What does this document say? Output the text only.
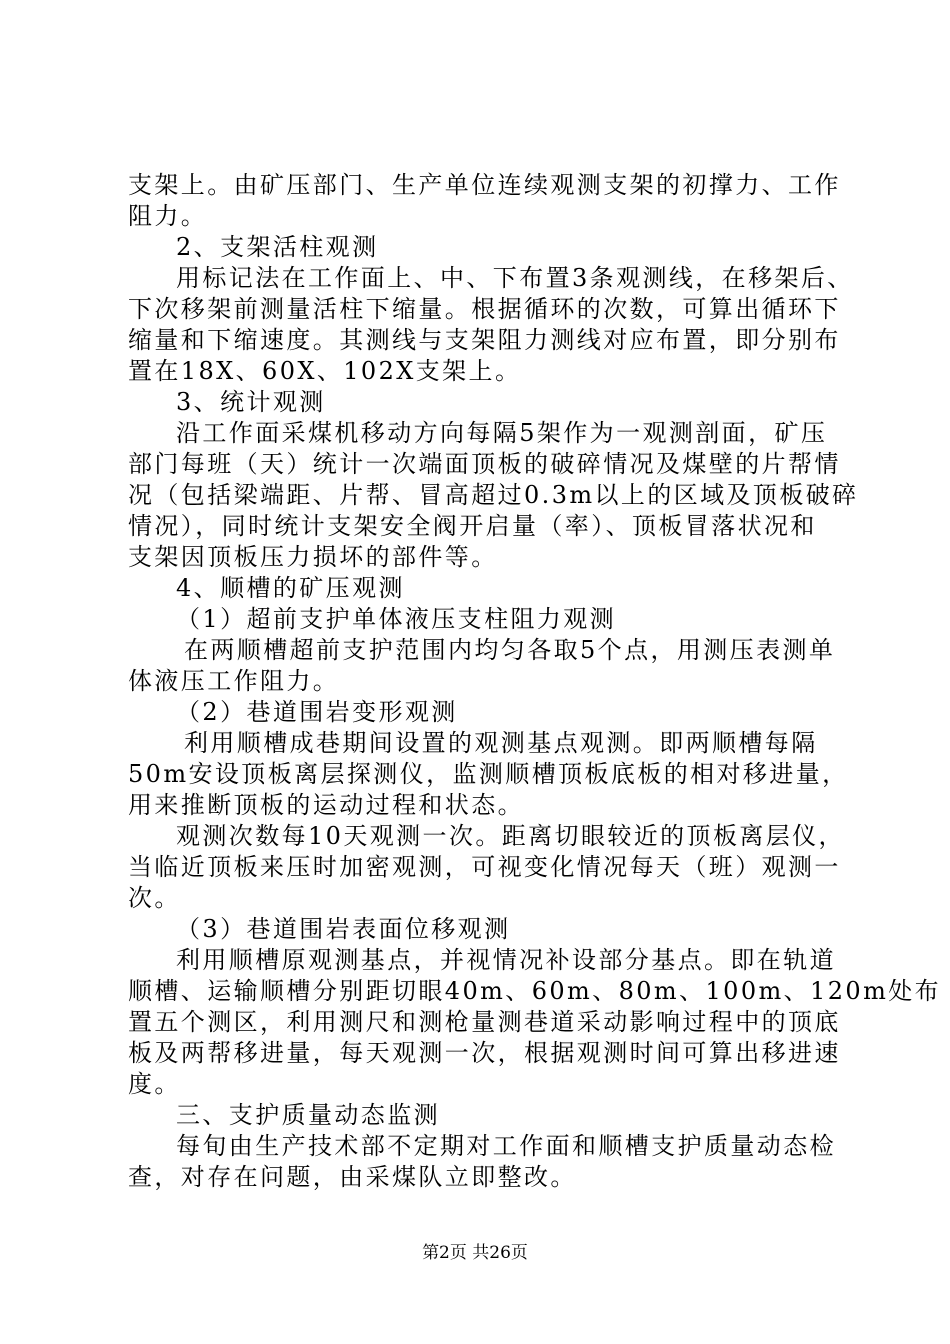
支架上。由矿压部门、生产单位连续观测支架的初撑力、工作
阻力。
2、支架活柱观测
用标记法在工作面上、中、下布置3条观测线，在移架后、
下次移架前测量活柱下缩量。根据循环的次数，可算出循环下
缩量和下缩速度。其测线与支架阻力测线对应布置，即分别布
置在18X、60X、102X支架上。
3、统计观测
沿工作面采煤机移动方向每隔5架作为一观测剖面，矿压
部门每班（天）统计一次端面顶板的破碎情况及煤壁的片帮情
况（包括梁端距、片帮、冒高超过0.3m以上的区域及顶板破碎
情况），同时统计支架安全阀开启量（率）、顶板冒落状况和
支架因顶板压力损坏的部件等。
4、顺槽的矿压观测
（1）超前支护单体液压支柱阻力观测
在两顺槽超前支护范围内均匀各取5个点，用测压表测单
体液压工作阻力。
（2）巷道围岩变形观测
利用顺槽成巷期间设置的观测基点观测。即两顺槽每隔
50m安设顶板离层探测仪，监测顺槽顶板底板的相对移进量，
用来推断顶板的运动过程和状态。
观测次数每10天观测一次。距离切眼较近的顶板离层仪，
当临近顶板来压时加密观测，可视变化情况每天（班）观测一
次。
（3）巷道围岩表面位移观测
利用顺槽原观测基点，并视情况补设部分基点。即在轨道
顺槽、运输顺槽分别距切眼40m、60m、80m、100m、120m处布
置五个测区，利用测尺和测枪量测巷道采动影响过程中的顶底
板及两帮移进量，每天观测一次，根据观测时间可算出移进速
度。
三、支护质量动态监测
每旬由生产技术部不定期对工作面和顺槽支护质量动态检
查，对存在问题，由采煤队立即整改。
第2页 共26页
